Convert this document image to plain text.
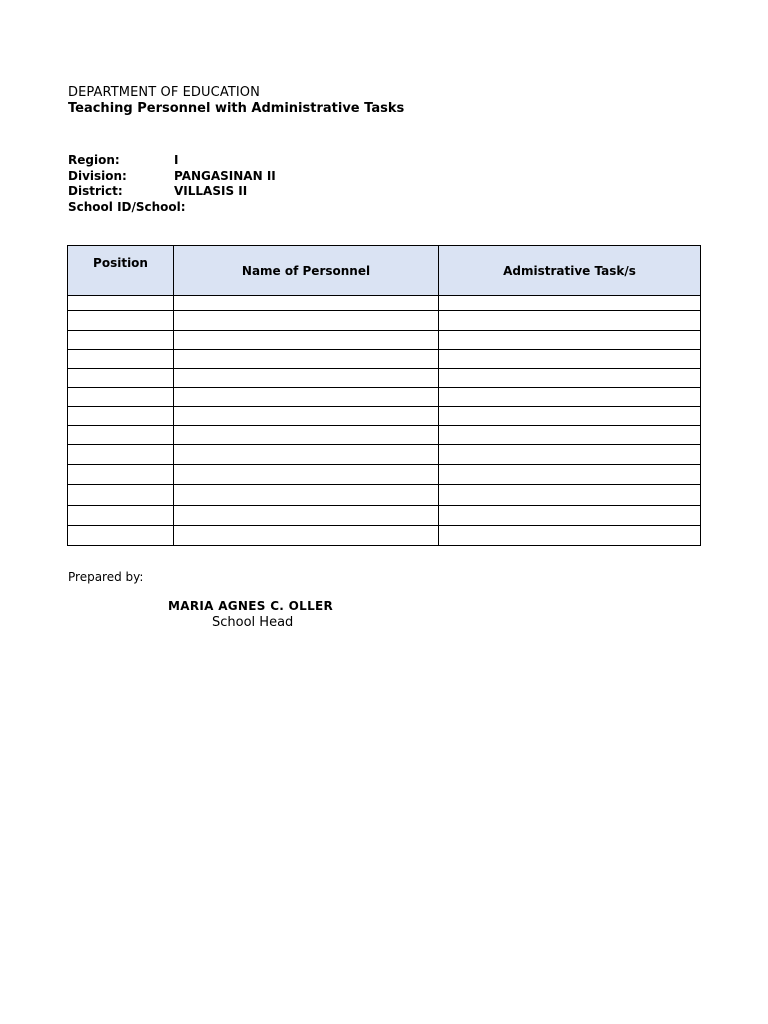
DEPARTMENT OF EDUCATION
Teaching Personnel with Administrative Tasks
Region:	I
Division:	PANGASINAN II
District:	VILLASIS II
School ID/School:
Position	Name of Personnel	Admistrative Task/s

Prepared by:
MARIA AGNES C. OLLER
School Head
